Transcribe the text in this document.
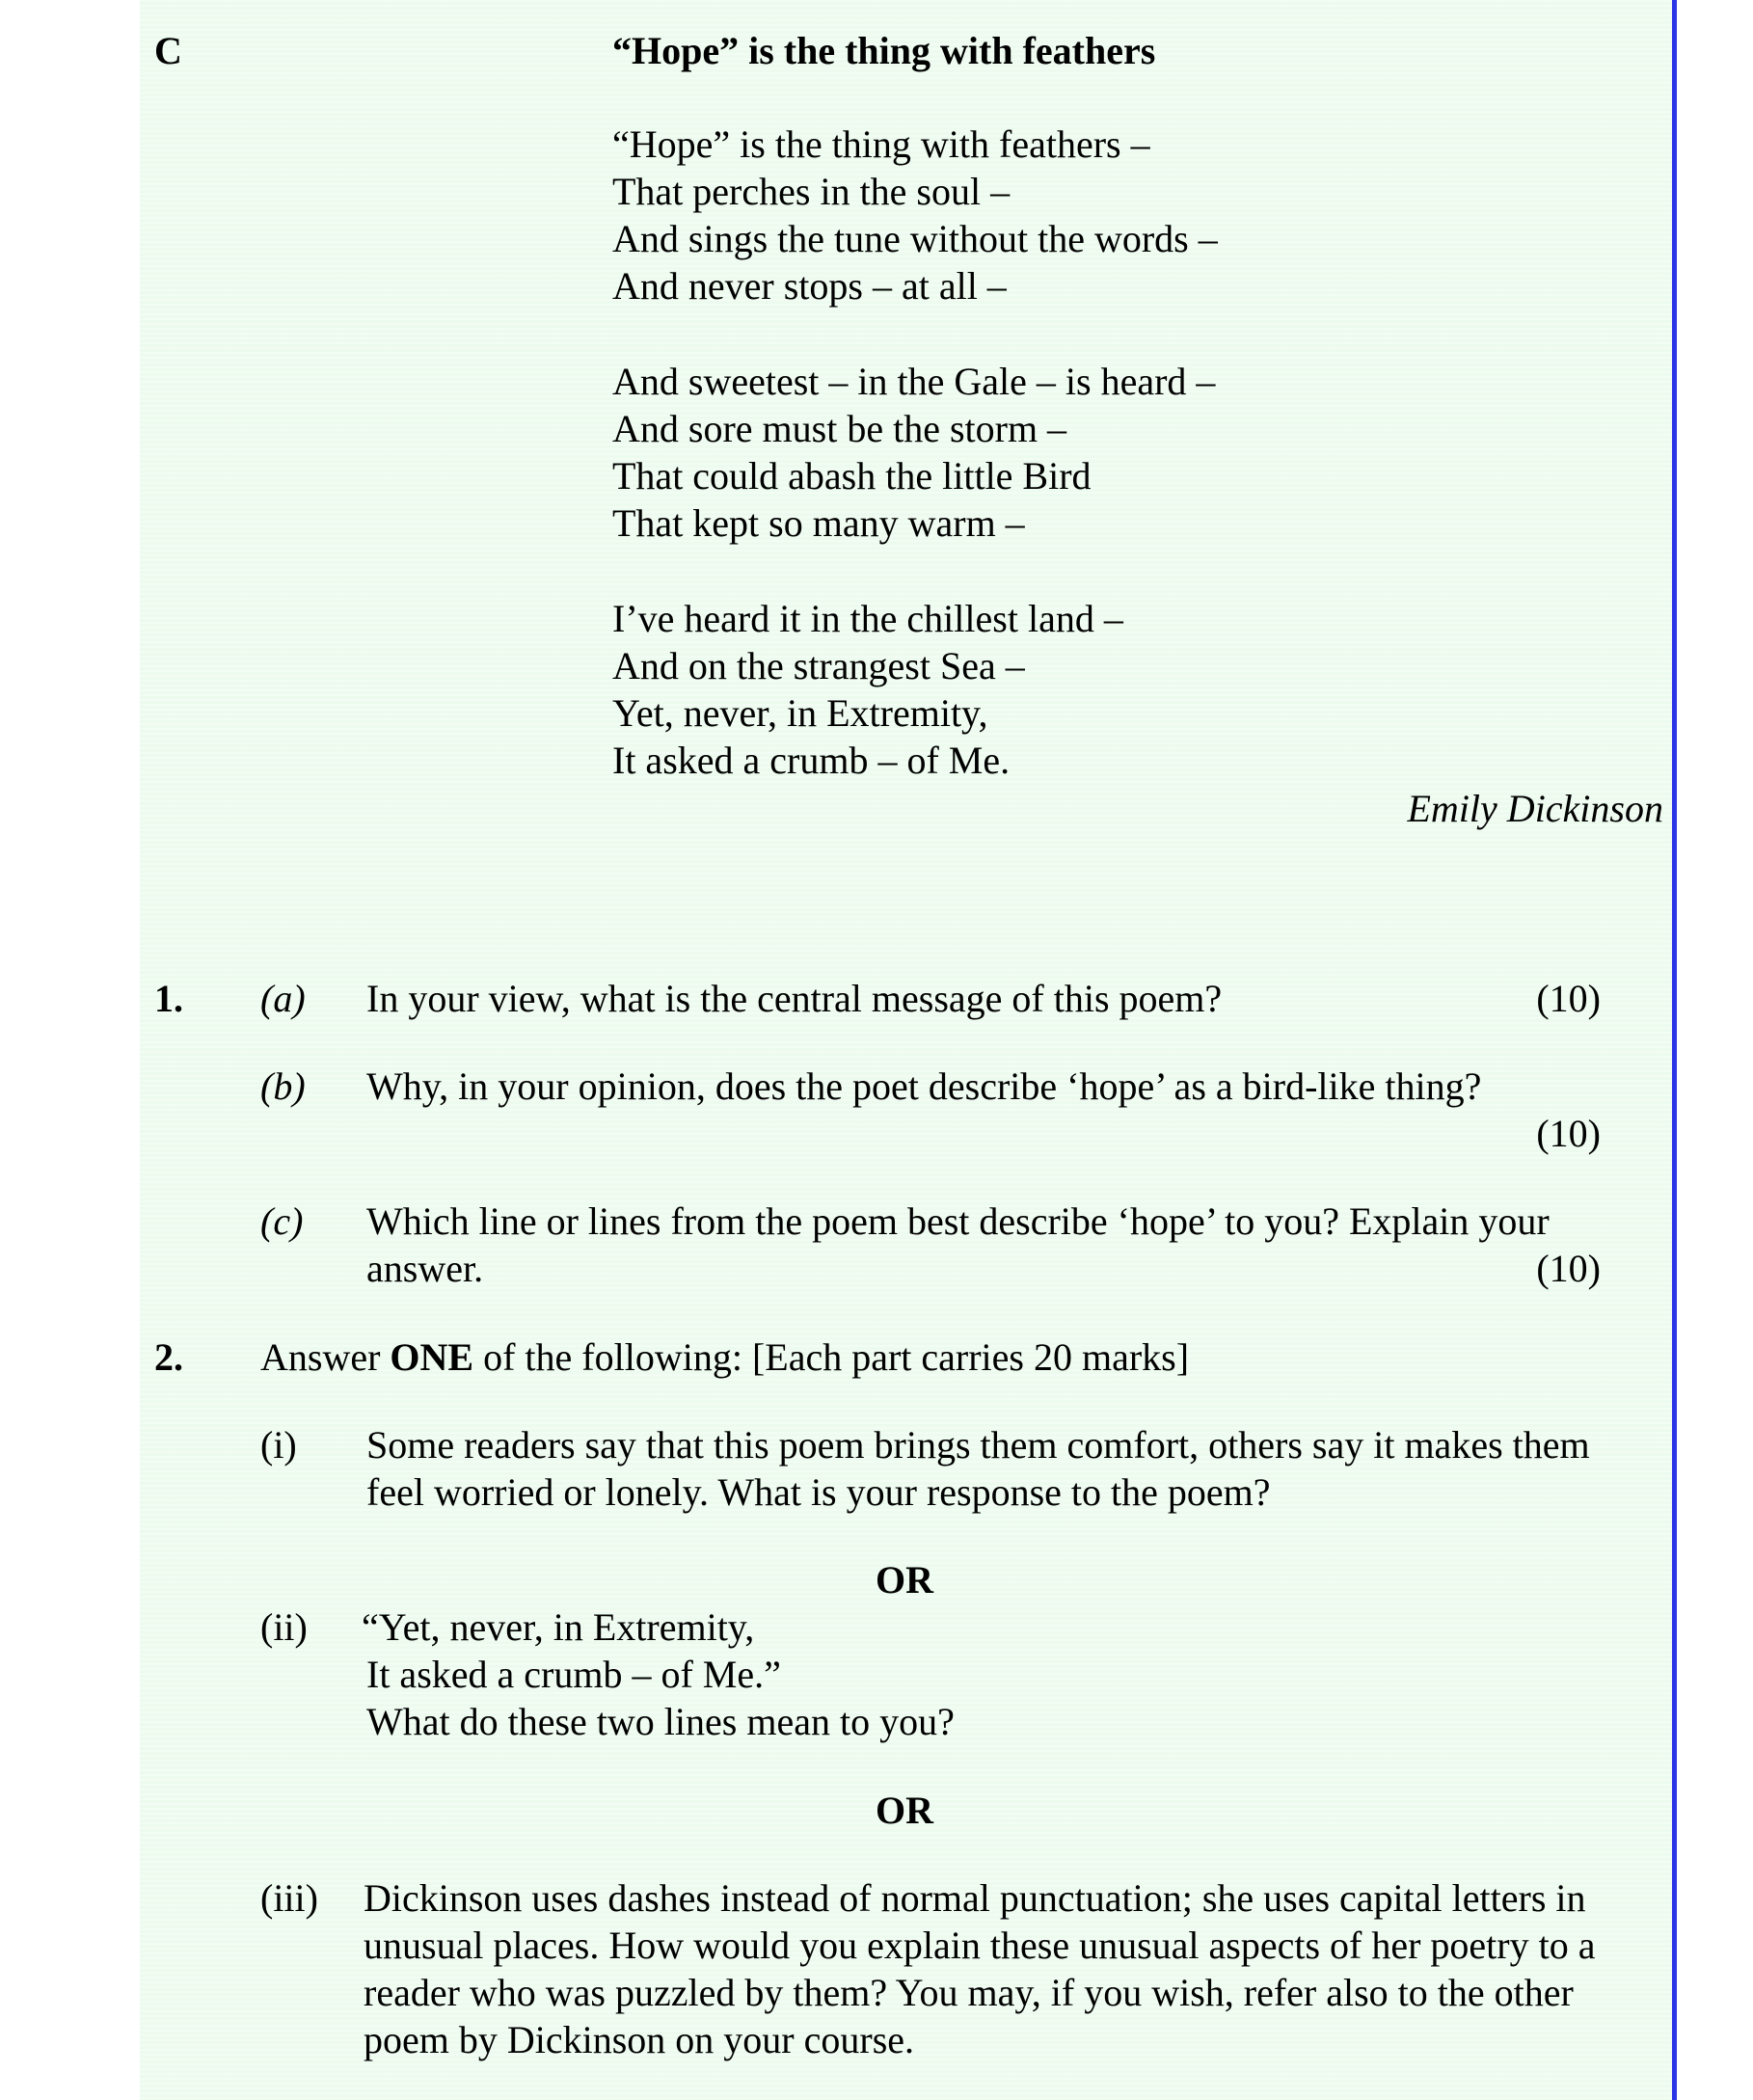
C	“Hope” is the thing with feathers
“Hope” is the thing with feathers –
That perches in the soul –
And sings the tune without the words –
And never stops – at all –
And sweetest – in the Gale – is heard –
And sore must be the storm –
That could abash the little Bird
That kept so many warm –
I’ve heard it in the chillest land –
And on the strangest Sea –
Yet, never, in Extremity,
It asked a crumb – of Me.
Emily Dickinson
1. (a) In your view, what is the central message of this poem?	(10)
(b) Why, in your opinion, does the poet describe ‘hope’ as a bird-like thing?
(10)
(c) Which line or lines from the poem best describe ‘hope’ to you? Explain your
answer.	(10)
2. Answer ONE of the following: [Each part carries 20 marks]
(i) Some readers say that this poem brings them comfort, others say it makes them
feel worried or lonely. What is your response to the poem?
OR
(ii) “Yet, never, in Extremity,
It asked a crumb – of Me.”
What do these two lines mean to you?
OR
(iii) Dickinson uses dashes instead of normal punctuation; she uses capital letters in
unusual places. How would you explain these unusual aspects of her poetry to a
reader who was puzzled by them? You may, if you wish, refer also to the other
poem by Dickinson on your course.
